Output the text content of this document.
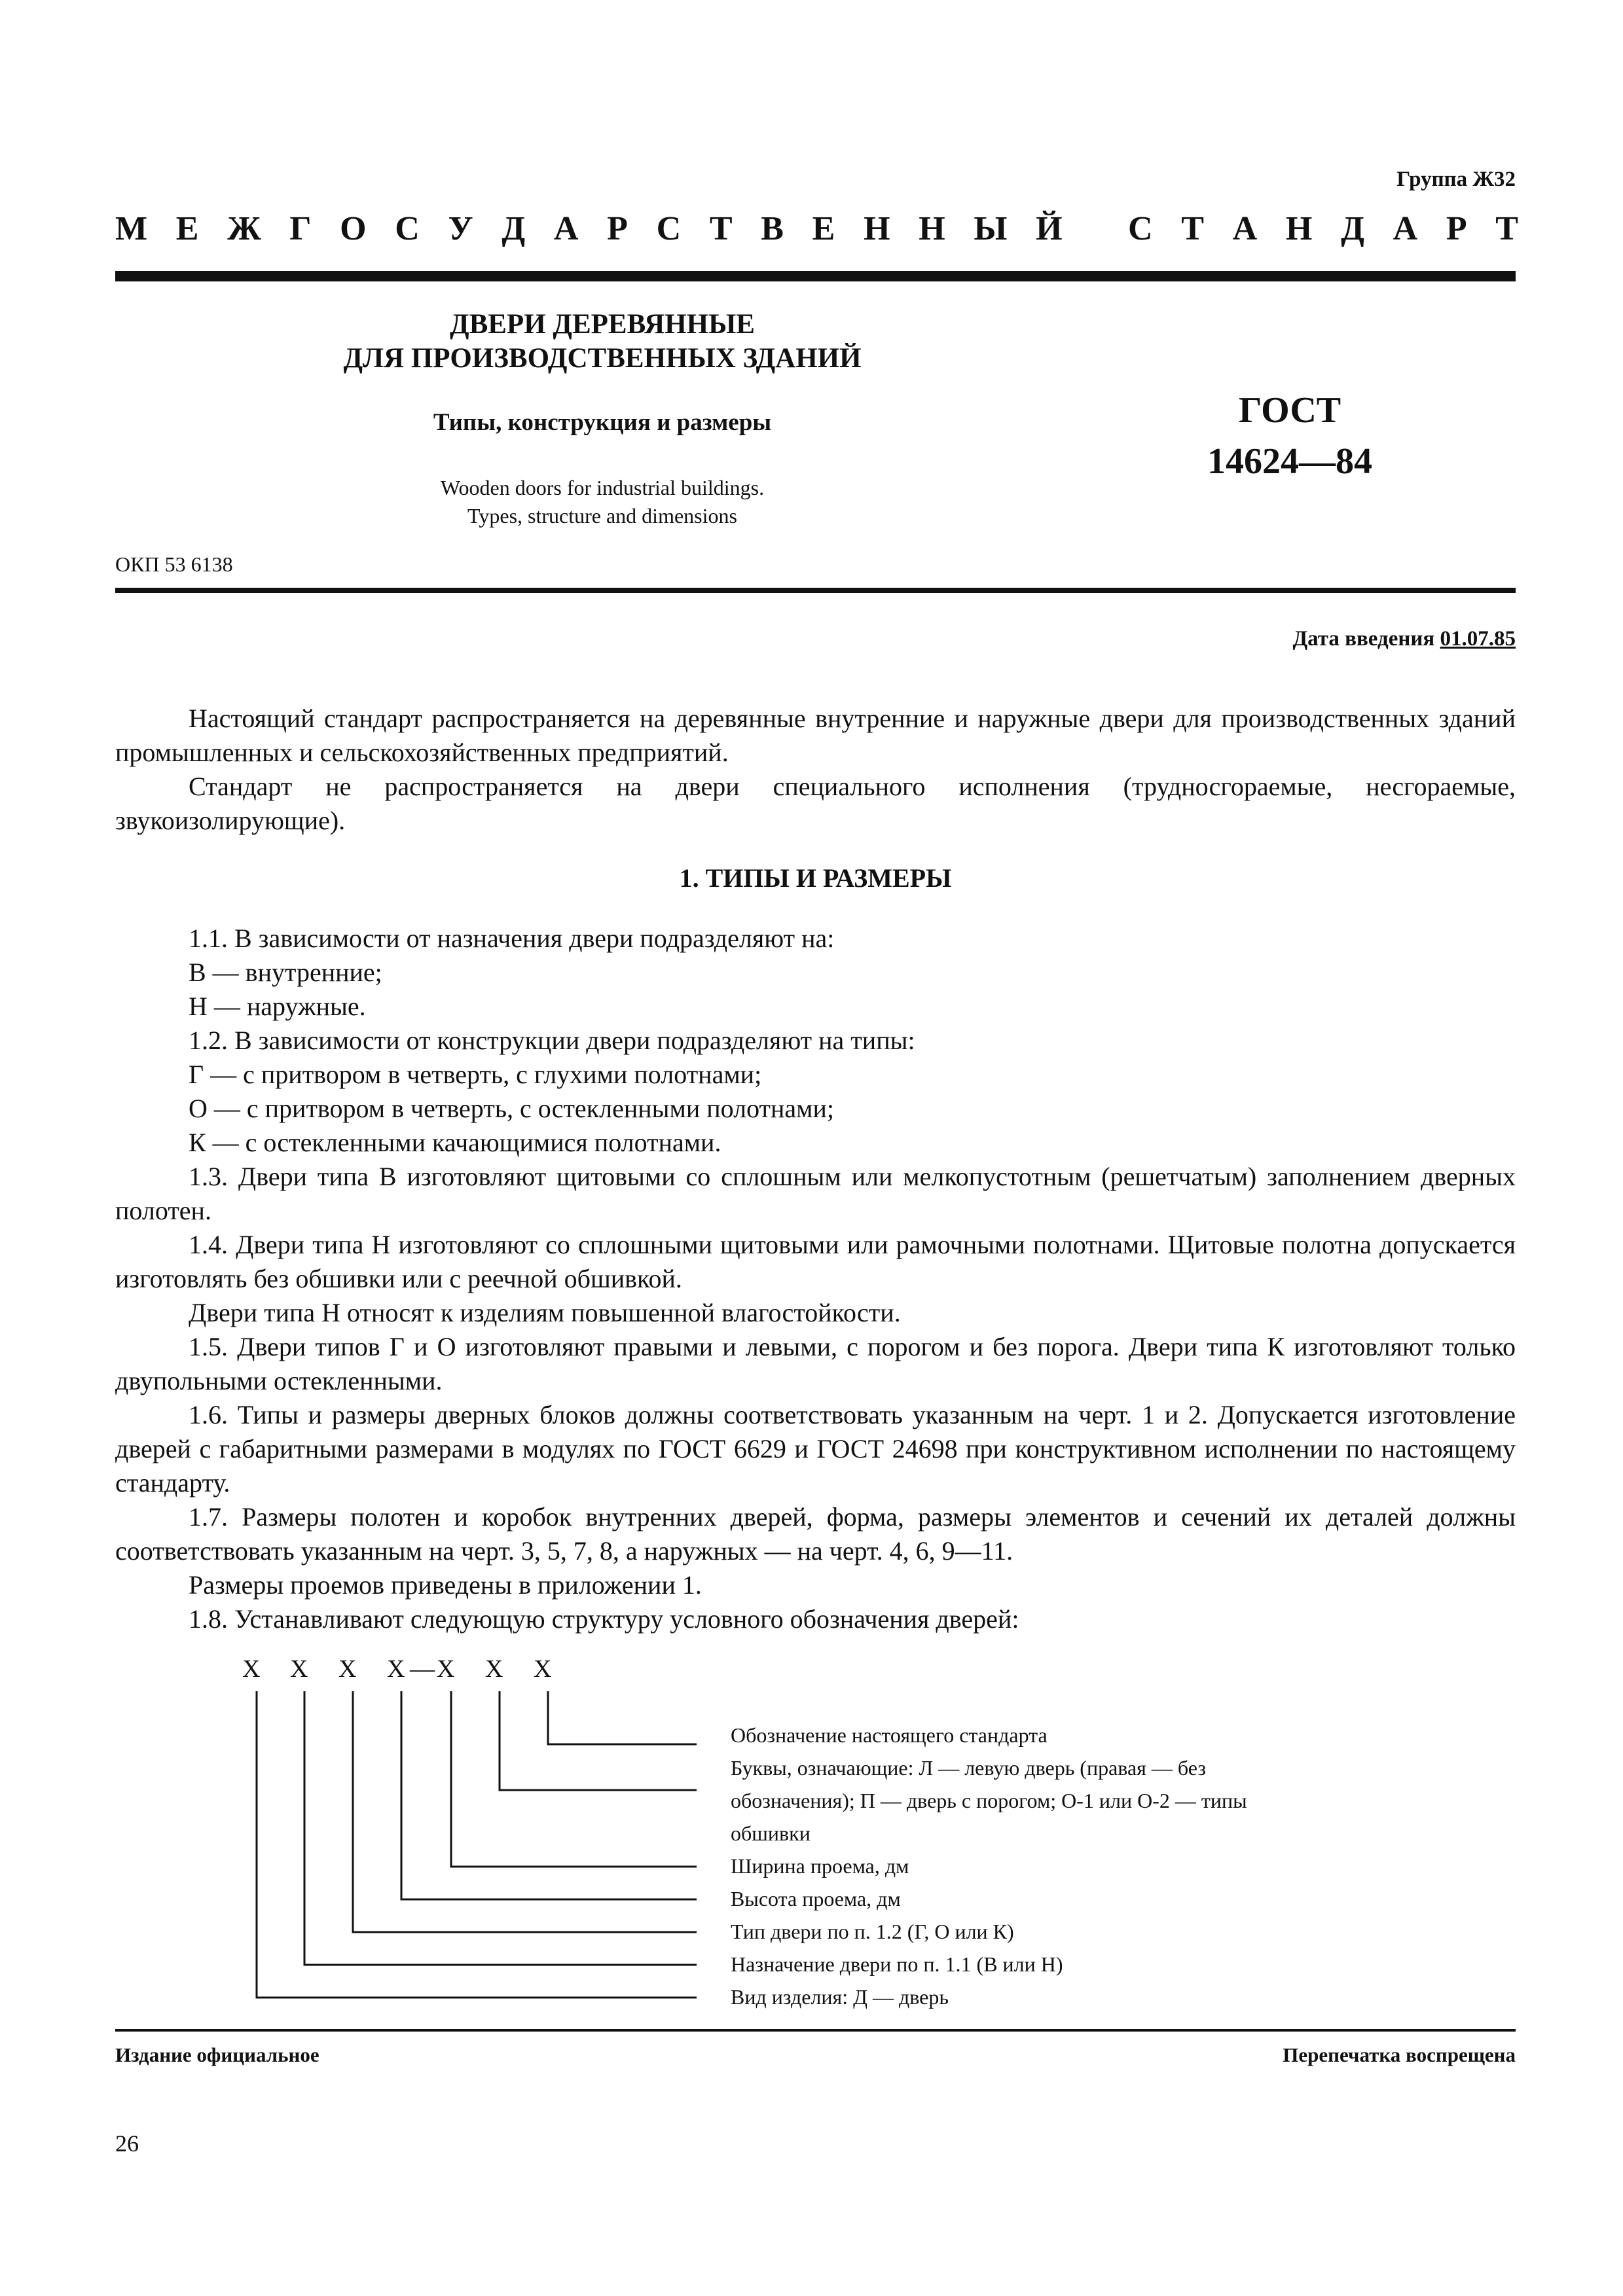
Группа Ж32
М Е Ж Г О С У Д А Р С Т В Е Н Н Ы Й
С Т А Н Д А Р Т
ДВЕРИ ДЕРЕВЯННЫЕ
ДЛЯ ПРОИЗВОДСТВЕННЫХ ЗДАНИЙ
Типы, конструкция и размеры
Wooden doors for industrial buildings.
Types, structure and dimensions
ГОСТ
14624—84
ОКП 53 6138
Дата введения 01.07.85

Настоящий стандарт распространяется на деревянные внутренние и наружные двери для производственных зданий промышленных и сельскохозяйственных предприятий.

Стандарт не распространяется на двери специального исполнения (трудносгораемые, несгораемые, звукоизолирующие).

1. ТИПЫ И РАЗМЕРЫ

1.1. В зависимости от назначения двери подразделяют на:

В — внутренние;

Н — наружные.

1.2. В зависимости от конструкции двери подразделяют на типы:

Г — с притвором в четверть, с глухими полотнами;

О — с притвором в четверть, с остекленными полотнами;

К — с остекленными качающимися полотнами.

1.3. Двери типа В изготовляют щитовыми со сплошным или мелкопустотным (решетчатым) заполнением дверных полотен.

1.4. Двери типа Н изготовляют со сплошными щитовыми или рамочными полотнами. Щитовые полотна допускается изготовлять без обшивки или с реечной обшивкой.

Двери типа Н относят к изделиям повышенной влагостойкости.

1.5. Двери типов Г и О изготовляют правыми и левыми, с порогом и без порога. Двери типа К изготовляют только двупольными остекленными.

1.6. Типы и размеры дверных блоков должны соответствовать указанным на черт. 1 и 2. Допускается изготовление дверей с габаритными размерами в модулях по ГОСТ 6629 и ГОСТ 24698 при конструктивном исполнении по настоящему стандарту.

1.7. Размеры полотен и коробок внутренних дверей, форма, размеры элементов и сечений их деталей должны соответствовать указанным на черт. 3, 5, 7, 8, а наружных — на черт. 4, 6, 9—11.

Размеры проемов приведены в приложении 1.

1.8. Устанавливают следующую структуру условного обозначения дверей:

Х Х Х Х — Х Х Х
Обозначение настоящего стандарта
Буквы, означающие: Л — левую дверь (правая — без
обозначения); П — дверь с порогом; О-1 или О-2 — типы
обшивки
Ширина проема, дм
Высота проема, дм
Тип двери по п. 1.2 (Г, О или К)
Назначение двери по п. 1.1 (В или Н)
Вид изделия: Д — дверь
Издание официальное	Перепечатка воспрещена
26
